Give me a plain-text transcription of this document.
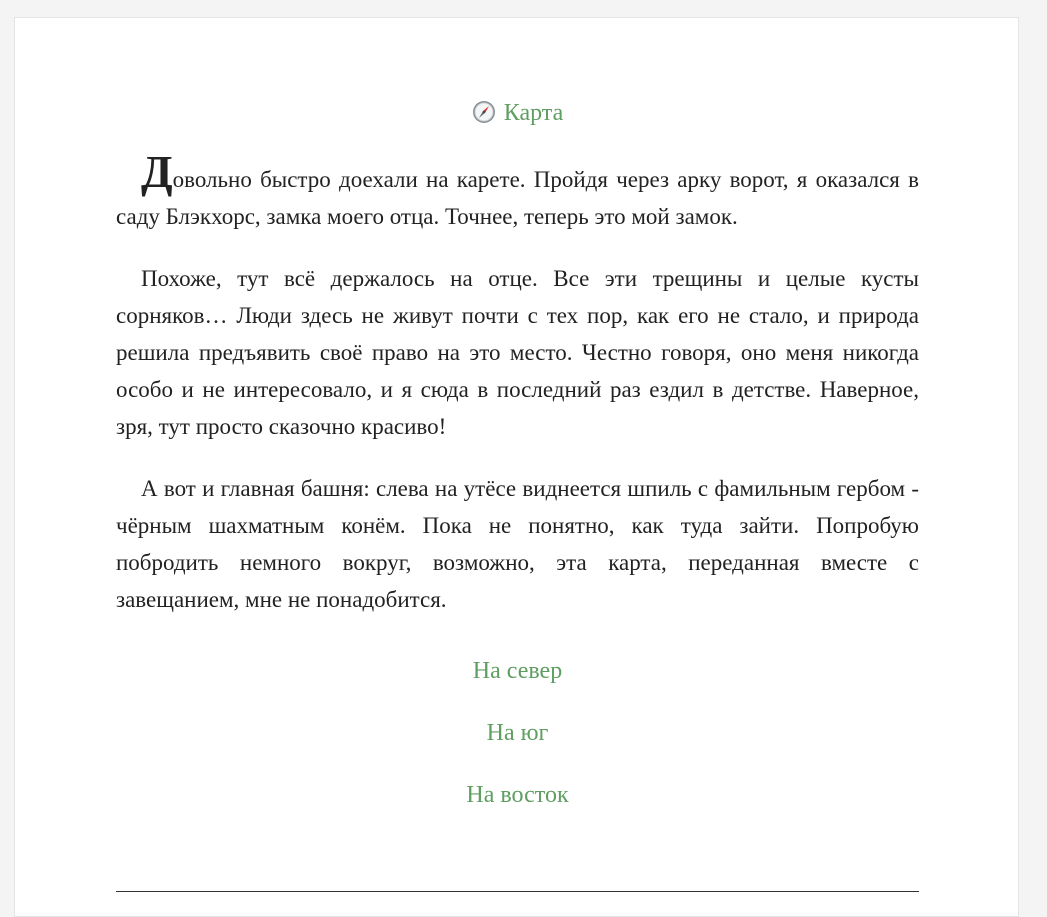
Карта

Довольно быстро доехали на карете. Пройдя через арку ворот, я оказался в саду Блэкхорс, замка моего отца. Точнее, теперь это мой замок.

Похоже, тут всё держалось на отце. Все эти трещины и целые кусты сорняков… Люди здесь не живут почти с тех пор, как его не стало, и природа решила предъявить своё право на это место. Честно говоря, оно меня никогда особо и не интересовало, и я сюда в последний раз ездил в детстве. Наверное, зря, тут просто сказочно красиво!

А вот и главная башня: слева на утёсе виднеется шпиль с фамильным гербом - чёрным шахматным конём. Пока не понятно, как туда зайти. Попробую побродить немного вокруг, возможно, эта карта, переданная вместе с завещанием, мне не понадобится.

На север
На юг
На восток
